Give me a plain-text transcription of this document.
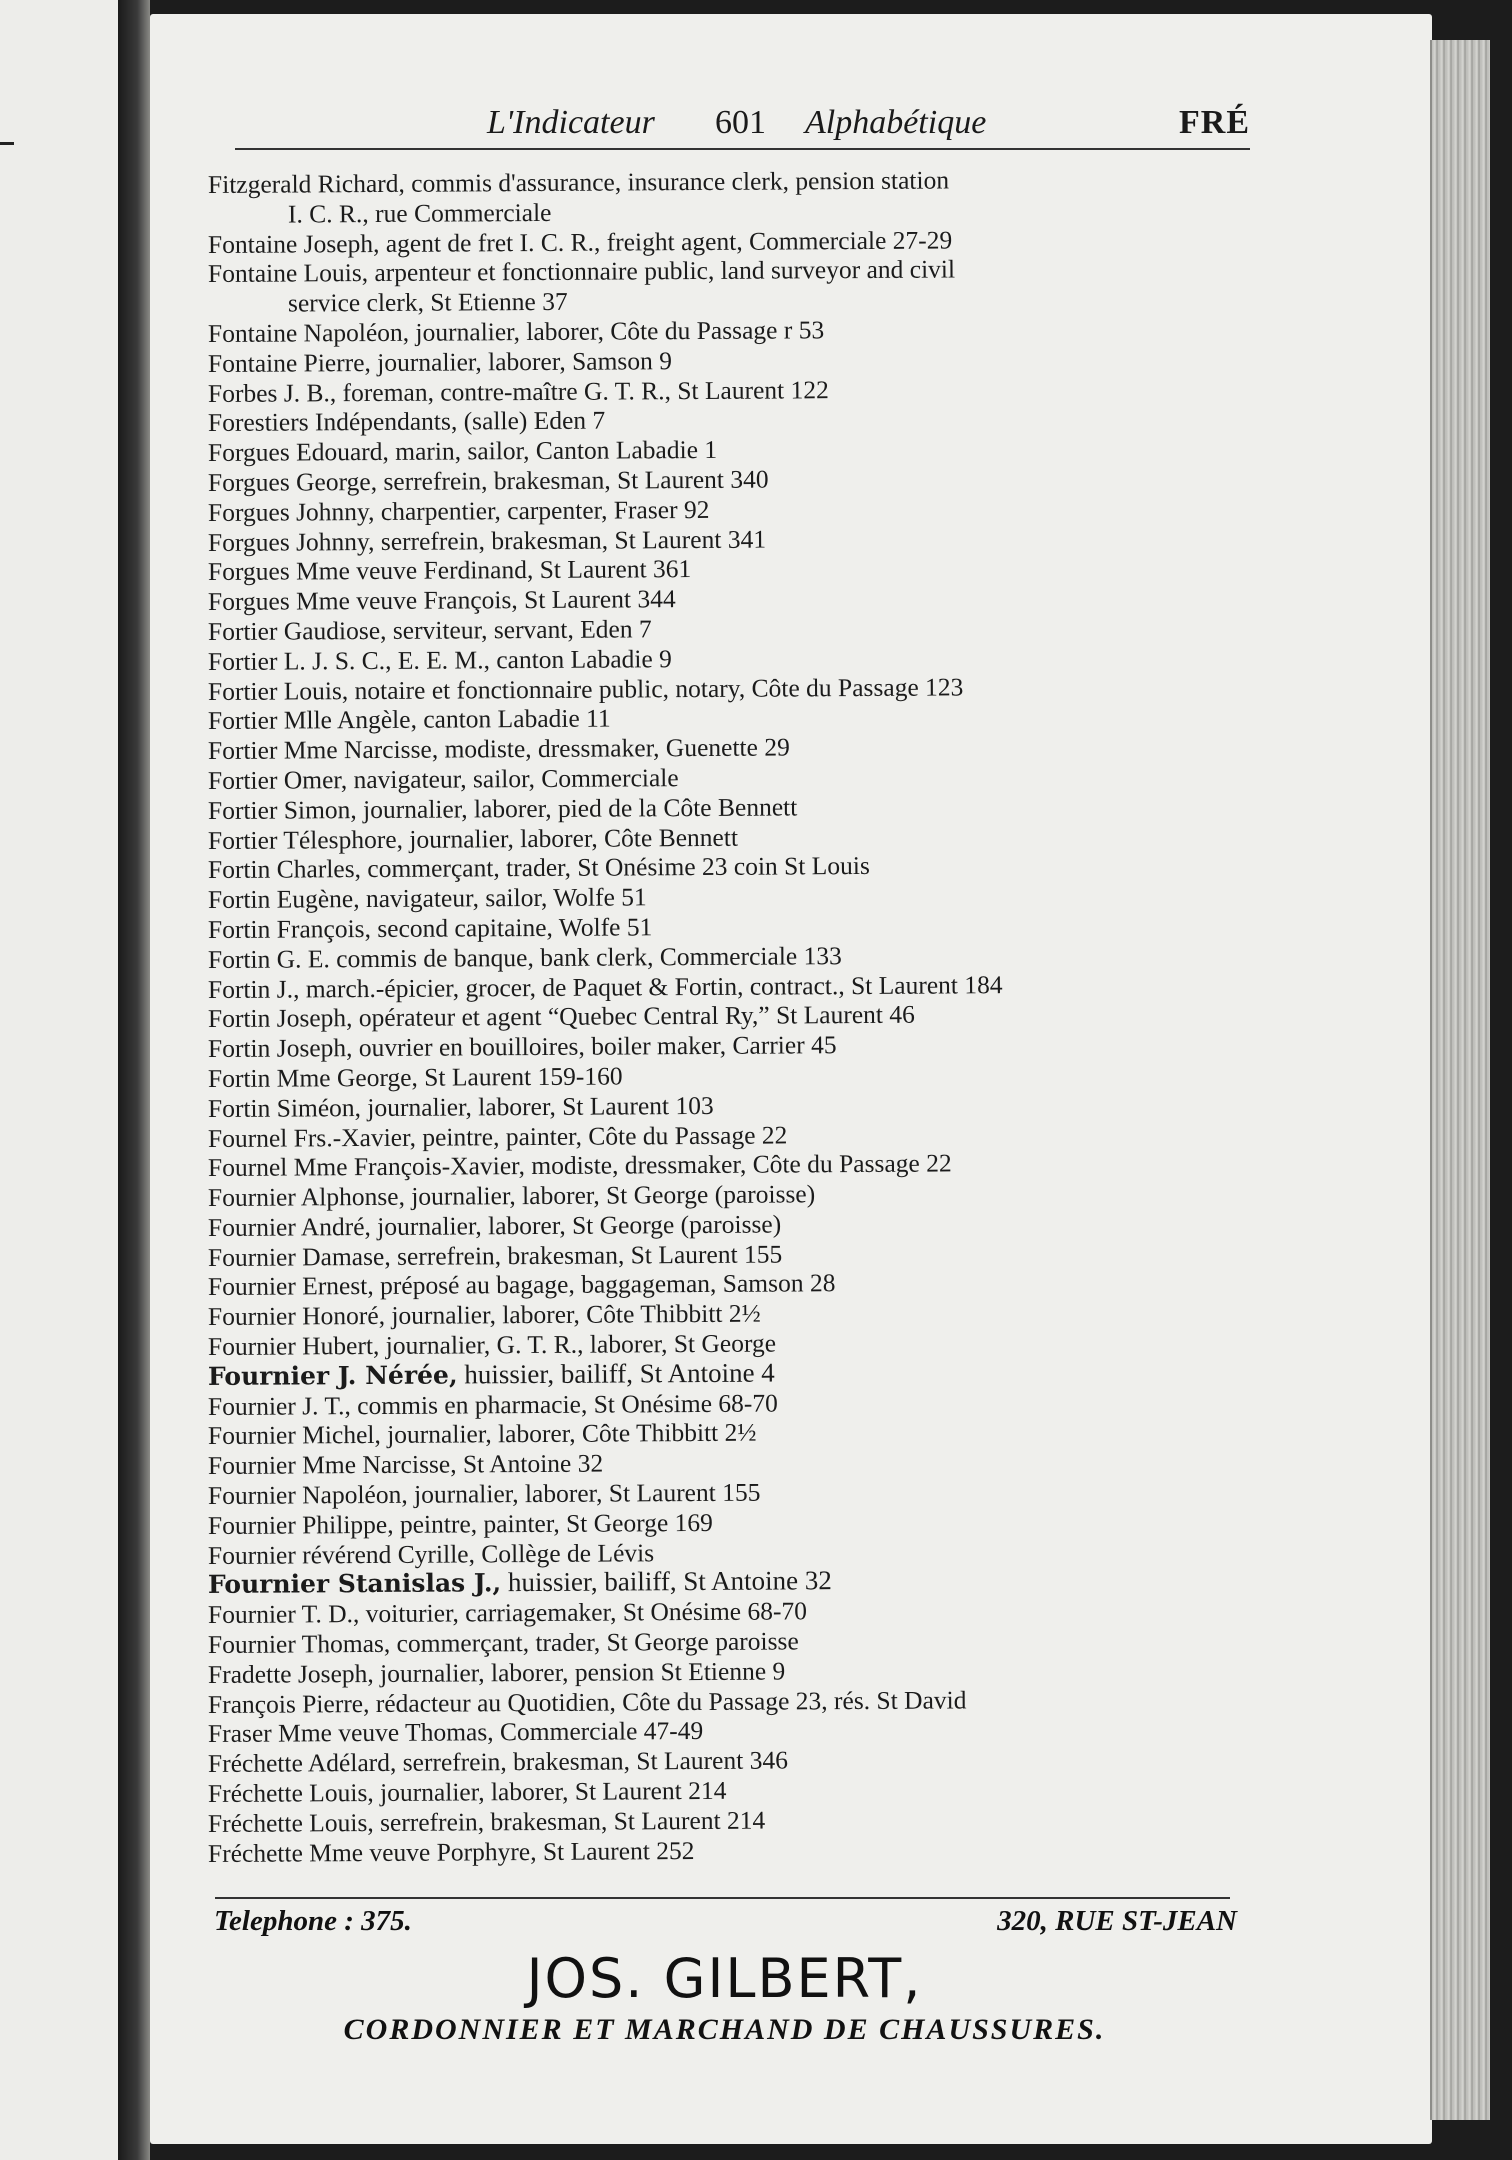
L'Indicateur 601 Alphabétique	FRÉ
Fitzgerald Richard, commis d'assurance, insurance clerk, pension station
I. C. R., rue Commerciale
Fontaine Joseph, agent de fret I. C. R., freight agent, Commerciale 27-29
Fontaine Louis, arpenteur et fonctionnaire public, land surveyor and civil
service clerk, St Etienne 37
Fontaine Napoléon, journalier, laborer, Côte du Passage r 53
Fontaine Pierre, journalier, laborer, Samson 9
Forbes J. B., foreman, contre-maître G. T. R., St Laurent 122
Forestiers Indépendants, (salle) Eden 7
Forgues Edouard, marin, sailor, Canton Labadie 1
Forgues George, serrefrein, brakesman, St Laurent 340
Forgues Johnny, charpentier, carpenter, Fraser 92
Forgues Johnny, serrefrein, brakesman, St Laurent 341
Forgues Mme veuve Ferdinand, St Laurent 361
Forgues Mme veuve François, St Laurent 344
Fortier Gaudiose, serviteur, servant, Eden 7
Fortier L. J. S. C., E. E. M., canton Labadie 9
Fortier Louis, notaire et fonctionnaire public, notary, Côte du Passage 123
Fortier Mlle Angèle, canton Labadie 11
Fortier Mme Narcisse, modiste, dressmaker, Guenette 29
Fortier Omer, navigateur, sailor, Commerciale
Fortier Simon, journalier, laborer, pied de la Côte Bennett
Fortier Télesphore, journalier, laborer, Côte Bennett
Fortin Charles, commerçant, trader, St Onésime 23 coin St Louis
Fortin Eugène, navigateur, sailor, Wolfe 51
Fortin François, second capitaine, Wolfe 51
Fortin G. E. commis de banque, bank clerk, Commerciale 133
Fortin J., march.-épicier, grocer, de Paquet & Fortin, contract., St Laurent 184
Fortin Joseph, opérateur et agent “Quebec Central Ry,” St Laurent 46
Fortin Joseph, ouvrier en bouilloires, boiler maker, Carrier 45
Fortin Mme George, St Laurent 159-160
Fortin Siméon, journalier, laborer, St Laurent 103
Fournel Frs.-Xavier, peintre, painter, Côte du Passage 22
Fournel Mme François-Xavier, modiste, dressmaker, Côte du Passage 22
Fournier Alphonse, journalier, laborer, St George (paroisse)
Fournier André, journalier, laborer, St George (paroisse)
Fournier Damase, serrefrein, brakesman, St Laurent 155
Fournier Ernest, préposé au bagage, baggageman, Samson 28
Fournier Honoré, journalier, laborer, Côte Thibbitt 2½
Fournier Hubert, journalier, G. T. R., laborer, St George
Fournier J. Nérée, huissier, bailiff, St Antoine 4
Fournier J. T., commis en pharmacie, St Onésime 68-70
Fournier Michel, journalier, laborer, Côte Thibbitt 2½
Fournier Mme Narcisse, St Antoine 32
Fournier Napoléon, journalier, laborer, St Laurent 155
Fournier Philippe, peintre, painter, St George 169
Fournier révérend Cyrille, Collège de Lévis
Fournier Stanislas J., huissier, bailiff, St Antoine 32
Fournier T. D., voiturier, carriagemaker, St Onésime 68-70
Fournier Thomas, commerçant, trader, St George paroisse
Fradette Joseph, journalier, laborer, pension St Etienne 9
François Pierre, rédacteur au Quotidien, Côte du Passage 23, rés. St David
Fraser Mme veuve Thomas, Commerciale 47-49
Fréchette Adélard, serrefrein, brakesman, St Laurent 346
Fréchette Louis, journalier, laborer, St Laurent 214
Fréchette Louis, serrefrein, brakesman, St Laurent 214
Fréchette Mme veuve Porphyre, St Laurent 252
Telephone : 375.	320, RUE ST-JEAN
JOS. GILBERT,
CORDONNIER ET MARCHAND DE CHAUSSURES.
